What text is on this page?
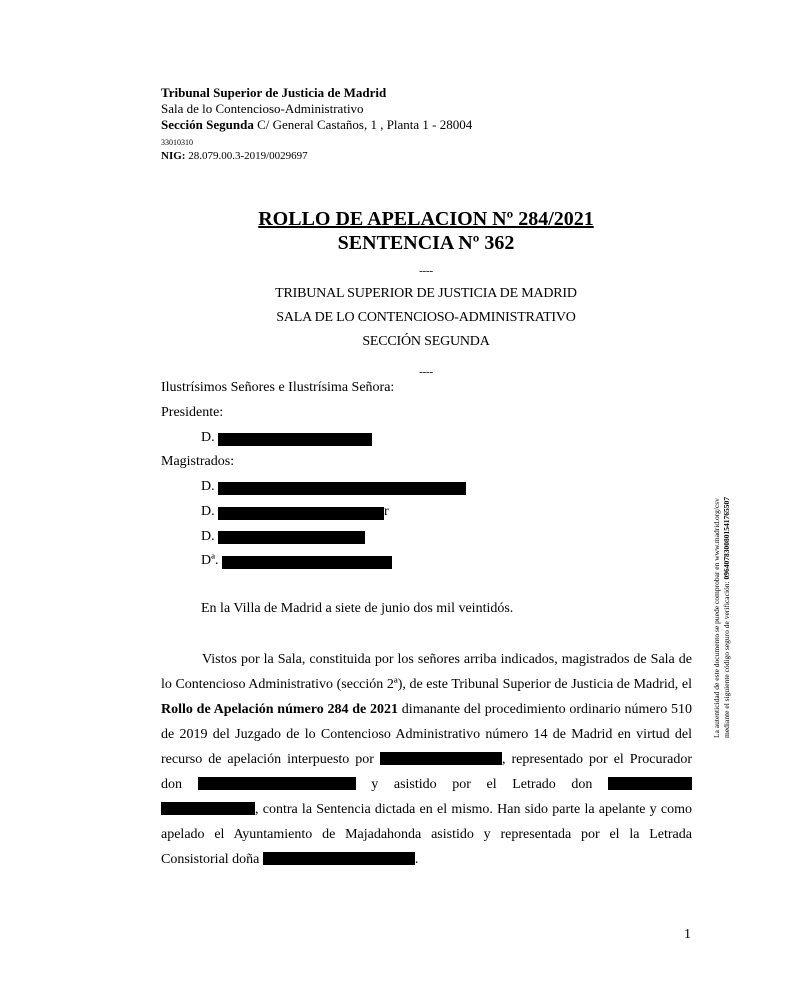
Tribunal Superior de Justicia de Madrid
Sala de lo Contencioso-Administrativo
Sección Segunda C/ General Castaños, 1 , Planta 1 - 28004
33010310
NIG: 28.079.00.3-2019/0029697
ROLLO DE APELACION Nº 284/2021
SENTENCIA Nº 362
----
TRIBUNAL SUPERIOR DE JUSTICIA DE MADRID
SALA DE LO CONTENCIOSO-ADMINISTRATIVO
SECCIÓN SEGUNDA
----
Ilustrísimos Señores e Ilustrísima Señora:
Presidente:
D.
Magistrados:
D.
D.	r
D.
Dª.
En la Villa de Madrid a siete de junio dos mil veintidós.
Vistos por la Sala, constituida por los señores arriba indicados, magistrados de Sala de lo Contencioso Administrativo (sección 2ª), de este Tribunal Superior de Justicia de Madrid, el Rollo de Apelación número 284 de 2021 dimanante del procedimiento ordinario número 510 de 2019 del Juzgado de lo Contencioso Administrativo número 14 de Madrid en virtud del recurso de apelación interpuesto por	, representado por el Procurador don	y asistido por el Letrado don  , contra la Sentencia dictada en el mismo. Han sido parte la apelante y como apelado el Ayuntamiento de Majadahonda asistido y representada por el la Letrada Consistorial doña	.
La autenticidad de este documento se puede comprobar en www.madrid.org/csv mediante el siguiente código seguro de verificación: 0964078300801541765507
1
